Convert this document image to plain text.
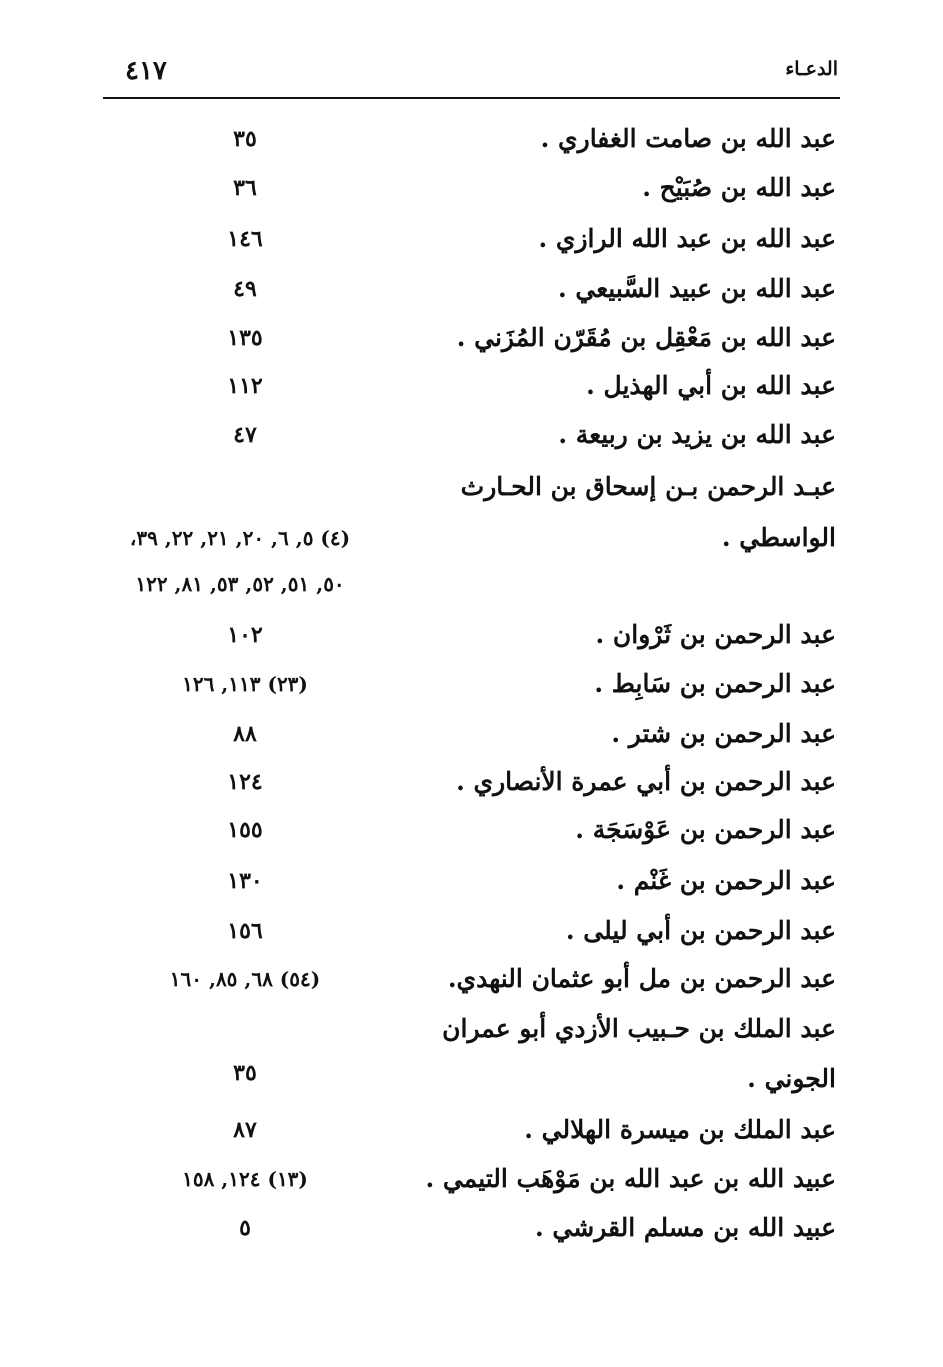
الدعـاء
٤١٧
عبد الله بن صامت الغفاري .
٣٥
عبد الله بن صُبَيْح .
٣٦
عبد الله بن عبد الله الرازي .
١٤٦
عبد الله بن عبيد السَّبيعي .
٤٩
عبد الله بن مَعْقِل بن مُقَرّن المُزَني .
١٣٥
عبد الله بن أبي الهذيل .
١١٢
عبد الله بن يزيد بن ربيعة .
٤٧
عبـد الرحمن بـن إسحاق بن الحـارث
الواسطي .
(٤) ٥, ٦, ٢٠, ٢١, ٢٢, ٣٩،
٥٠, ٥١, ٥٢, ٥٣, ٨١, ١٢٢
عبد الرحمن بن ثَرْوان .
١٠٢
عبد الرحمن بن سَابِط .
(٢٣) ١١٣, ١٢٦
عبد الرحمن بن شتر .
٨٨
عبد الرحمن بن أبي عمرة الأنصاري .
١٢٤
عبد الرحمن بن عَوْسَجَة .
١٥٥
عبد الرحمن بن غَنْم .
١٣٠
عبد الرحمن بن أبي ليلى .
١٥٦
عبد الرحمن بن مل أبو عثمان النهدي.
(٥٤) ٦٨, ٨٥, ١٦٠
عبد الملك بن حـبيب الأزدي أبو عمران
الجوني .
٣٥
عبد الملك بن ميسرة الهلالي .
٨٧
عبيد الله بن عبد الله بن مَوْهَب التيمي .
(١٣) ١٢٤, ١٥٨
عبيد الله بن مسلم القرشي .
٥
